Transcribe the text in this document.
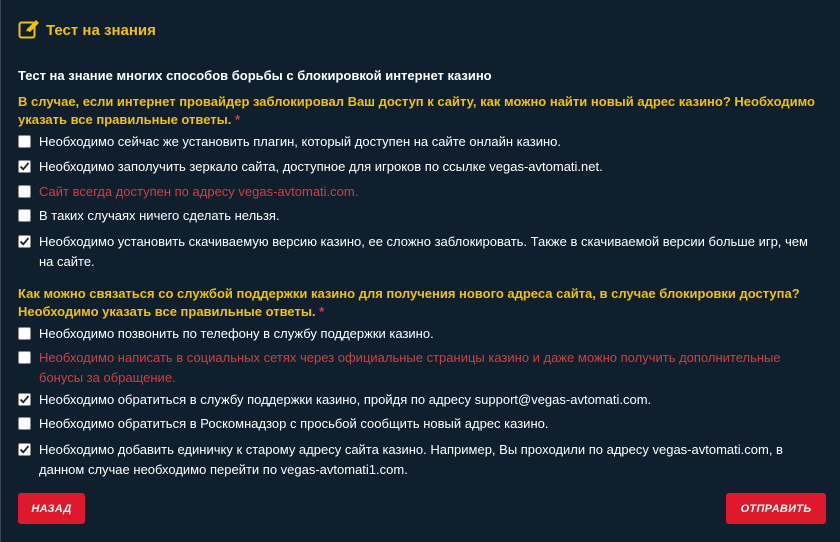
Тест на знания
Тест на знание многих способов борьбы с блокировкой интернет казино
В случае, если интернет провайдер заблокировал Ваш доступ к сайту, как можно найти новый адрес казино? Необходимо указать все правильные ответы. *
Необходимо сейчас же установить плагин, который доступен на сайте онлайн казино.
Необходимо заполучить зеркало сайта, доступное для игроков по ссылке vegas-avtomati.net.
Сайт всегда доступен по адресу vegas-avtomati.com.
В таких случаях ничего сделать нельзя.
Необходимо установить скачиваемую версию казино, ее сложно заблокировать. Также в скачиваемой версии больше игр, чем на сайте.
Как можно связаться со службой поддержки казино для получения нового адреса сайта, в случае блокировки доступа? Необходимо указать все правильные ответы. *
Необходимо позвонить по телефону в службу поддержки казино.
Необходимо написать в социальных сетях через официальные страницы казино и даже можно получить дополнительные бонусы за обращение.
Необходимо обратиться в службу поддержки казино, пройдя по адресу support@vegas-avtomati.com.
Необходимо обратиться в Роскомнадзор с просьбой сообщить новый адрес казино.
Необходимо добавить единичку к старому адресу сайта казино. Например, Вы проходили по адресу vegas-avtomati.com, в данном случае необходимо перейти по vegas-avtomati1.com.
НАЗАД	ОТПРАВИТЬ
